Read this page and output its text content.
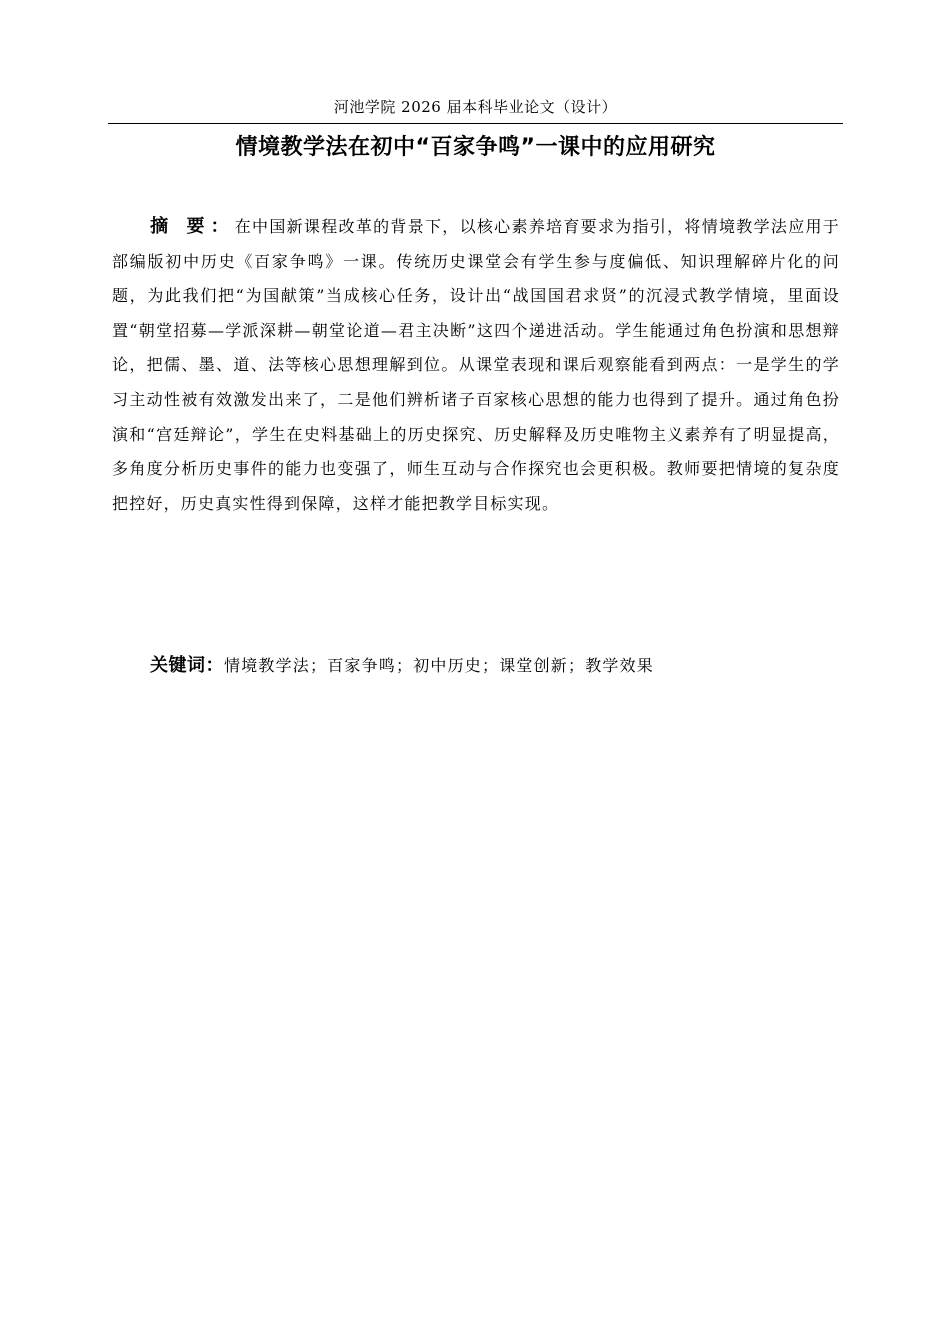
河池学院 2026 届本科毕业论文（设计）
情境教学法在初中“百家争鸣”一课中的应用研究

摘 要：在中国新课程改革的背景下，以核心素养培育要求为指引，将情境教学法应用于部编版初中历史《百家争鸣》一课。传统历史课堂会有学生参与度偏低、知识理解碎片化的问题，为此我们把“为国献策”当成核心任务，设计出“战国国君求贤”的沉浸式教学情境，里面设置“朝堂招募—学派深耕—朝堂论道—君主决断”这四个递进活动。学生能通过角色扮演和思想辩论，把儒、墨、道、法等核心思想理解到位。从课堂表现和课后观察能看到两点：一是学生的学习主动性被有效激发出来了，二是他们辨析诸子百家核心思想的能力也得到了提升。通过角色扮演和“宫廷辩论”，学生在史料基础上的历史探究、历史解释及历史唯物主义素养有了明显提高，多角度分析历史事件的能力也变强了，师生互动与合作探究也会更积极。教师要把情境的复杂度把控好，历史真实性得到保障，这样才能把教学目标实现。

关键词：情境教学法；百家争鸣；初中历史；课堂创新；教学效果
